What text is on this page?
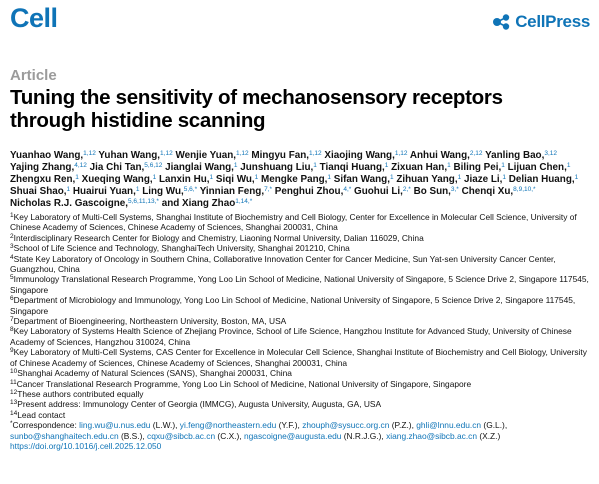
Cell	CellPress
Article
Tuning the sensitivity of mechanosensory receptors through histidine scanning
Yuanhao Wang,$^{1,12}$ Yuhan Wang,$^{1,12}$ Wenjie Yuan,$^{1,12}$ Mingyu Fan,$^{1,12}$ Xiaojing Wang,$^{1,12}$ Anhui Wang,$^{2,12}$ Yanling Bao,$^{3,12}$ Yajing Zhang,$^{4,12}$ Jia Chi Tan,$^{5,6,12}$ Jianglai Wang,$^1$ Junshuang Liu,$^1$ Tianqi Huang,$^1$ Zixuan Han,$^1$ Biling Pei,$^1$ Lijuan Chen,$^1$ Zhengxu Ren,$^1$ Xueqing Wang,$^1$ Lanxin Hu,$^1$ Siqi Wu,$^1$ Mengke Pang,$^1$ Sifan Wang,$^1$ Zihuan Yang,$^1$ Jiaze Li,$^1$ Delian Huang,$^1$ Shuai Shao,$^1$ Huairui Yuan,$^1$ Ling Wu,$^{5,6,*}$ Yinnian Feng,$^{7,*}$ Penghui Zhou,$^{4,*}$ Guohui Li,$^{2,*}$ Bo Sun,$^{3,*}$ Chenqi Xu,$^{8,9,10,*}$ Nicholas R.J. Gascoigne,$^{5,6,11,13,*}$ and Xiang Zhao$^{1,14,*}$

$^1$Key Laboratory of Multi-Cell Systems, Shanghai Institute of Biochemistry and Cell Biology, Center for Excellence in Molecular Cell Science, University of Chinese Academy of Sciences, Chinese Academy of Sciences, Shanghai 200031, China

$^2$Interdisciplinary Research Center for Biology and Chemistry, Liaoning Normal University, Dalian 116029, China

$^3$School of Life Science and Technology, ShanghaiTech University, Shanghai 201210, China

$^4$State Key Laboratory of Oncology in Southern China, Collaborative Innovation Center for Cancer Medicine, Sun Yat-sen University Cancer Center, Guangzhou, China

$^5$Immunology Translational Research Programme, Yong Loo Lin School of Medicine, National University of Singapore, 5 Science Drive 2, Singapore 117545, Singapore

$^6$Department of Microbiology and Immunology, Yong Loo Lin School of Medicine, National University of Singapore, 5 Science Drive 2, Singapore 117545, Singapore

$^7$Department of Bioengineering, Northeastern University, Boston, MA, USA

$^8$Key Laboratory of Systems Health Science of Zhejiang Province, School of Life Science, Hangzhou Institute for Advanced Study, University of Chinese Academy of Sciences, Hangzhou 310024, China

$^9$Key Laboratory of Multi-Cell Systems, CAS Center for Excellence in Molecular Cell Science, Shanghai Institute of Biochemistry and Cell Biology, University of Chinese Academy of Sciences, Chinese Academy of Sciences, Shanghai 200031, China

$^{10}$Shanghai Academy of Natural Sciences (SANS), Shanghai 200031, China

$^{11}$Cancer Translational Research Programme, Yong Loo Lin School of Medicine, National University of Singapore, Singapore

$^{12}$These authors contributed equally

$^{13}$Present address: Immunology Center of Georgia (IMMCG), Augusta University, Augusta, GA, USA

$^{14}$Lead contact

*Correspondence: ling.wu@u.nus.edu (L.W.), yi.feng@northeastern.edu (Y.F.), zhouph@sysucc.org.cn (P.Z.), ghli@lnnu.edu.cn (G.L.), sunbo@shanghaitech.edu.cn (B.S.), cqxu@sibcb.ac.cn (C.X.), ngascoigne@augusta.edu (N.R.J.G.), xiang.zhao@sibcb.ac.cn (X.Z.)

https://doi.org/10.1016/j.cell.2025.12.050
